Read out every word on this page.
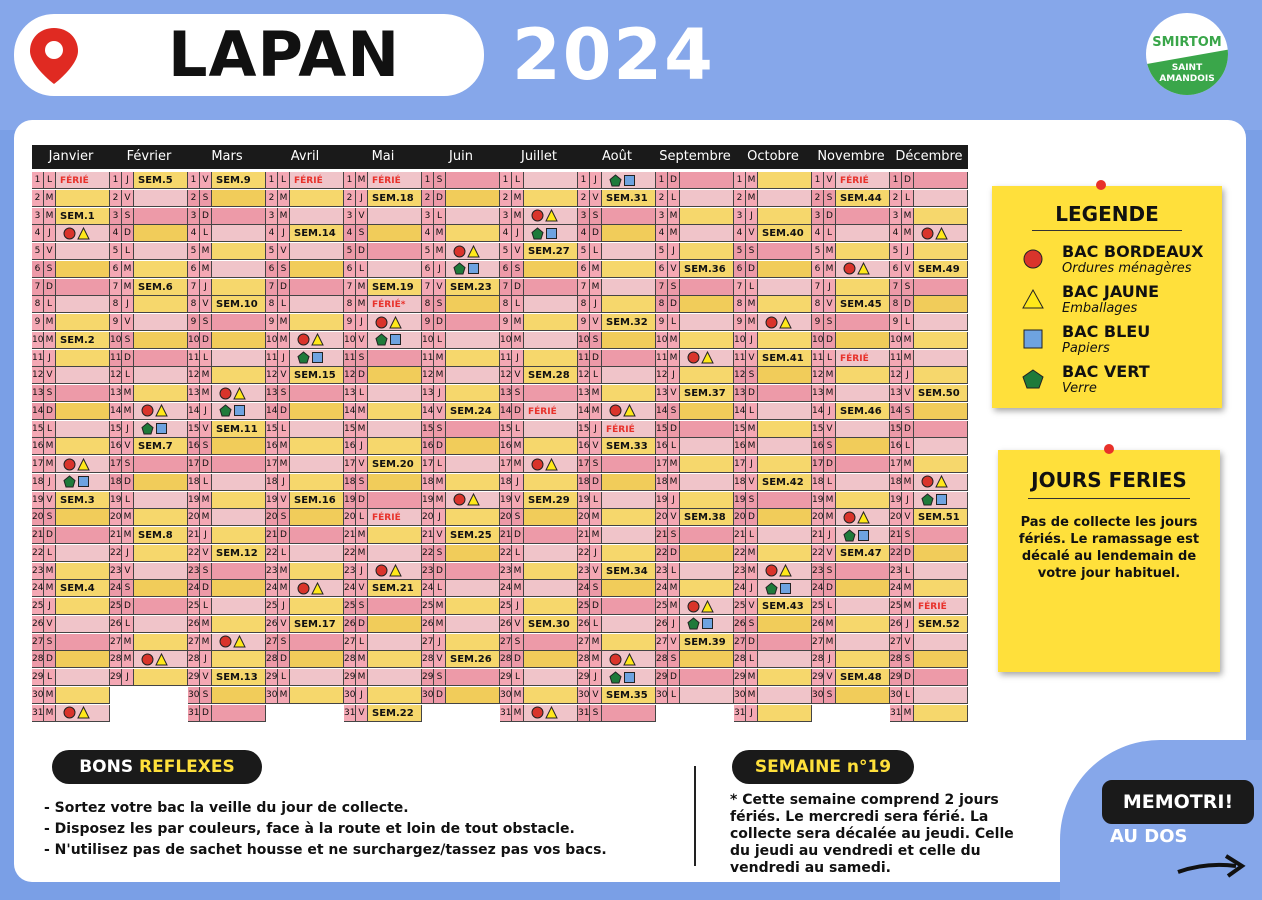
LAPAN 2024	SMIRTOM
SAINT AMANDOIS
Janvier
1 L FÉRIÉ
2 M
3 M SEM.1
4 J

5 V
6 S
7 D
8 L
9 M
10 M SEM.2
11 J
12 V
13 S
14 D
15 L
16 M
17 M

18 J

19 V SEM.3
20 S
21 D
22 L
23 M
24 M SEM.4
25 J
26 V
27 S
28 D
29 L
30 M
31 M

Février
1 J SEM.5
2 V
3 S
4 D
5 L
6 M
7 M SEM.6
8 J
9 V
10 S
11 D
12 L
13 M
14 M

15 J

16 V SEM.7
17 S
18 D
19 L
20 M
21 M SEM.8
22 J
23 V
24 S
25 D
26 L
27 M
28 M

29 J
Mars
1 V SEM.9
2 S
3 D
4 L
5 M
6 M
7 J
8 V SEM.10
9 S
10 D
11 L
12 M
13 M

14 J

15 V SEM.11
16 S
17 D
18 L
19 M
20 M
21 J
22 V SEM.12
23 S
24 D
25 L
26 M
27 M

28 J
29 V SEM.13
30 S
31 D
Avril
1 L FÉRIÉ
2 M
3 M
4 J SEM.14
5 V
6 S
7 D
8 L
9 M
10 M

11 J

12 V SEM.15
13 S
14 D
15 L
16 M
17 M
18 J
19 V SEM.16
20 S
21 D
22 L
23 M
24 M

25 J
26 V SEM.17
27 S
28 D
29 L
30 M
Mai
1 M FÉRIÉ
2 J SEM.18
3 V
4 S
5 D
6 L
7 M SEM.19
8 M FÉRIÉ*
9 J

10 V

11 S
12 D
13 L
14 M
15 M
16 J
17 V SEM.20
18 S
19 D
20 L FÉRIÉ
21 M
22 M
23 J

24 V SEM.21
25 S
26 D
27 L
28 M
29 M
30 J
31 V SEM.22
Juin
1 S
2 D
3 L
4 M
5 M

6 J

7 V SEM.23
8 S
9 D
10 L
11 M
12 M
13 J
14 V SEM.24
15 S
16 D
17 L
18 M
19 M

20 J
21 V SEM.25
22 S
23 D
24 L
25 M
26 M
27 J
28 V SEM.26
29 S
30 D
Juillet
1 L
2 M
3 M

4 J

5 V SEM.27
6 S
7 D
8 L
9 M
10 M
11 J
12 V SEM.28
13 S
14 D FÉRIÉ
15 L
16 M
17 M

18 J
19 V SEM.29
20 S
21 D
22 L
23 M
24 M
25 J
26 V SEM.30
27 S
28 D
29 L
30 M
31 M

Août
1 J

2 V SEM.31
3 S
4 D
5 L
6 M
7 M
8 J
9 V SEM.32
10 S
11 D
12 L
13 M
14 M

15 J	FÉRIÉ
16 V SEM.33
17 S
18 D
19 L
20 M
21 M
22 J
23 V SEM.34
24 S
25 D
26 L
27 M
28 M

29 J

30 V SEM.35
31 S
Septembre
1 D
2 L
3 M
4 M
5 J
6 V SEM.36
7 S
8 D
9 L
10 M
11 M

12 J
13 V SEM.37
14 S
15 D
16 L
17 M
18 M
19 J
20 V SEM.38
21 S
22 D
23 L
24 M
25 M

26 J

27 V SEM.39
28 S
29 D
30 L
Octobre
1 M
2 M
3 J
4 V SEM.40
5 S
6 D
7 L
8 M
9 M

10 J
11 V SEM.41
12 S
13 D
14 L
15 M
16 M
17 J
18 V SEM.42
19 S
20 D
21 L
22 M
23 M

24 J

25 V SEM.43
26 S
27 D
28 L
29 M
30 M
31 J
Novembre
1 V FÉRIÉ
2 S SEM.44
3 D
4 L
5 M
6 M

7 J
8 V SEM.45
9 S
10 D
11 L FÉRIÉ
12 M
13 M
14 J SEM.46
15 V
16 S
17 D
18 L
19 M
20 M

21 J

22 V SEM.47
23 S
24 D
25 L
26 M
27 M
28 J
29 V SEM.48
30 S
Décembre
1 D
2 L
3 M
4 M

5 J
6 V SEM.49
7 S
8 D
9 L
10 M
11 M
12 J
13 V SEM.50
14 S
15 D
16 L
17 M
18 M

19 J

20 V SEM.51
21 S
22 D
23 L
24 M
25 M FÉRIÉ
26 J SEM.52
27 V
28 S
29 D
30 L
31 M
LEGENDE
BAC BORDEAUX
Ordures ménagères
BAC JAUNE
Emballages
BAC BLEU
Papiers
BAC VERT
Verre
JOURS FERIES
Pas de collecte les jours fériés. Le ramassage est décalé au lendemain de votre jour habituel.
BONS REFLEXES
- Sortez votre bac la veille du jour de collecte.
- Disposez les par couleurs, face à la route et loin de tout obstacle.
- N'utilisez pas de sachet housse et ne surchargez/tassez pas vos bacs.
SEMAINE n°19
* Cette semaine comprend 2 jours fériés. Le mercredi sera férié. La collecte sera décalée au jeudi. Celle du jeudi au vendredi et celle du vendredi au samedi.
MEMOTRI!
AU DOS
